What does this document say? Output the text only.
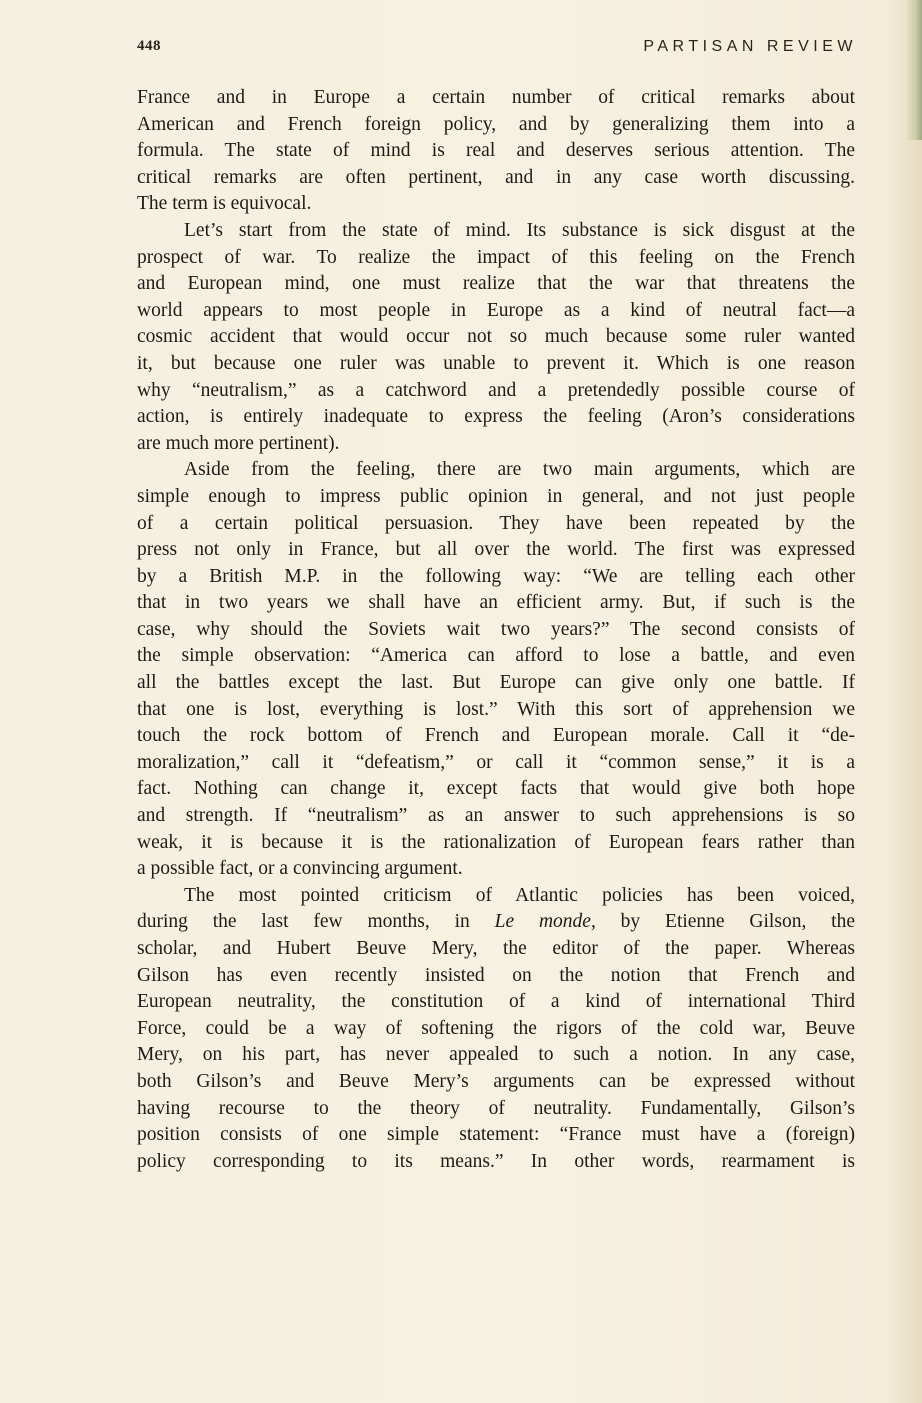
448	PARTISAN REVIEW
France and in Europe a certain number of critical remarks about
American and French foreign policy, and by generalizing them into a
formula. The state of mind is real and deserves serious attention. The
critical remarks are often pertinent, and in any case worth discussing.
The term is equivocal.
Let’s start from the state of mind. Its substance is sick disgust at the
prospect of war. To realize the impact of this feeling on the French
and European mind, one must realize that the war that threatens the
world appears to most people in Europe as a kind of neutral fact—a
cosmic accident that would occur not so much because some ruler wanted
it, but because one ruler was unable to prevent it. Which is one reason
why “neutralism,” as a catchword and a pretendedly possible course of
action, is entirely inadequate to express the feeling (Aron’s considerations
are much more pertinent).
Aside from the feeling, there are two main arguments, which are
simple enough to impress public opinion in general, and not just people
of a certain political persuasion. They have been repeated by the
press not only in France, but all over the world. The first was expressed
by a British M.P. in the following way: “We are telling each other
that in two years we shall have an efficient army. But, if such is the
case, why should the Soviets wait two years?” The second consists of
the simple observation: “America can afford to lose a battle, and even
all the battles except the last. But Europe can give only one battle. If
that one is lost, everything is lost.” With this sort of apprehension we
touch the rock bottom of French and European morale. Call it “de-
moralization,” call it “defeatism,” or call it “common sense,” it is a
fact. Nothing can change it, except facts that would give both hope
and strength. If “neutralism” as an answer to such apprehensions is so
weak, it is because it is the rationalization of European fears rather than
a possible fact, or a convincing argument.
The most pointed criticism of Atlantic policies has been voiced,
during the last few months, in Le monde, by Etienne Gilson, the
scholar, and Hubert Beuve Mery, the editor of the paper. Whereas
Gilson has even recently insisted on the notion that French and
European neutrality, the constitution of a kind of international Third
Force, could be a way of softening the rigors of the cold war, Beuve
Mery, on his part, has never appealed to such a notion. In any case,
both Gilson’s and Beuve Mery’s arguments can be expressed without
having recourse to the theory of neutrality. Fundamentally, Gilson’s
position consists of one simple statement: “France must have a (foreign)
policy corresponding to its means.” In other words, rearmament is
